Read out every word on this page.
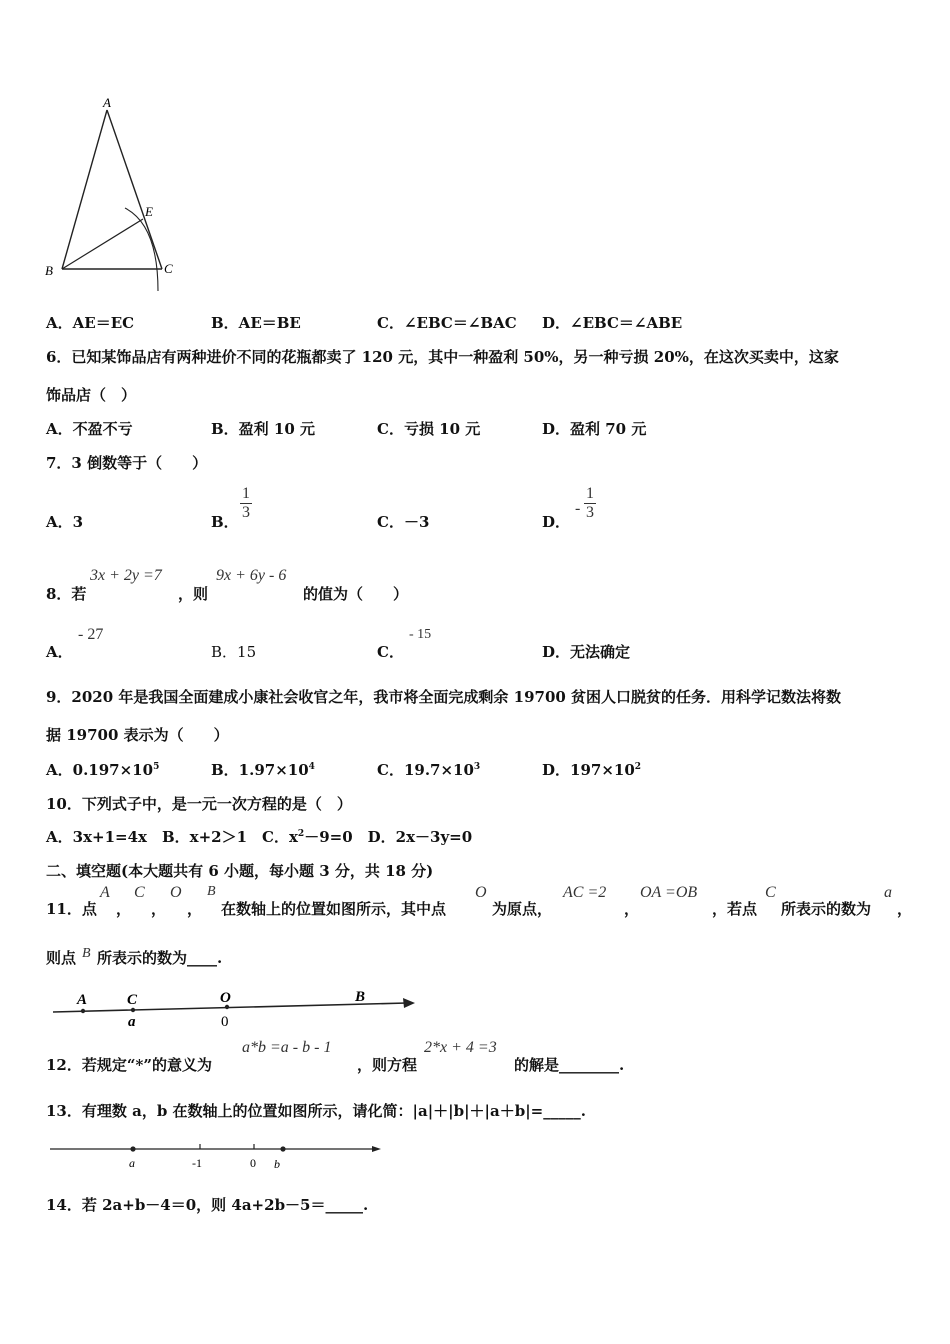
A
E
B	C
A．AE＝EC	B．AE＝BE	C．∠EBC＝∠BAC D．∠EBC＝∠ABE
6．已知某饰品店有两种进价不同的花瓶都卖了 120 元，其中一种盈利 50%，另一种亏损 20%，在这次买卖中，这家
饰品店（　）
A．不盈不亏	B．盈利 10 元	C．亏损 10 元	D．盈利 70 元
7．3 倒数等于（　　）
A．3	B． $\frac{1}{3}$	C．－3	D．
- $\frac{1}{3}$
8．若
3x + 2y =7
，则
9x + 6y - 6
的值为（　　）
A．
- 27
B．15	C．
- 15
D．无法确定
9．2020 年是我国全面建成小康社会收官之年，我市将全面完成剩余 19700 贫困人口脱贫的任务．用科学记数法将数
据 19700 表示为（　　）
A．$0.197\times 10^5$	B．$1.97\times 10^4$	C．$19.7\times 10^3$	D．$197\times 10^2$
10．下列式子中，是一元一次方程的是（　）
A．3x+1=4x　B．x+2＞1　C．$x^2-9=0$　D．2x－3y=0
二、填空题(本大题共有 6 小题，每小题 3 分，共 18 分)
11．点
A
，
C
，
O
，
B
在数轴上的位置如图所示，其中点
O
为原点，
AC =2
，
OA =OB
，若点
C
所表示的数为
a
，
则点 B 所表示的数为____.
A	C	O	B
a	0
12．若规定“*”的意义为
a*b =a - b - 1
，则方程
2*x + 4 =3
的解是________.
13．有理数 a，b 在数轴上的位置如图所示，请化简：|a|＋|b|＋|a＋b|=_____.
a	-1	0 b
14．若 2a+b－4＝0，则 4a+2b－5＝_____.
